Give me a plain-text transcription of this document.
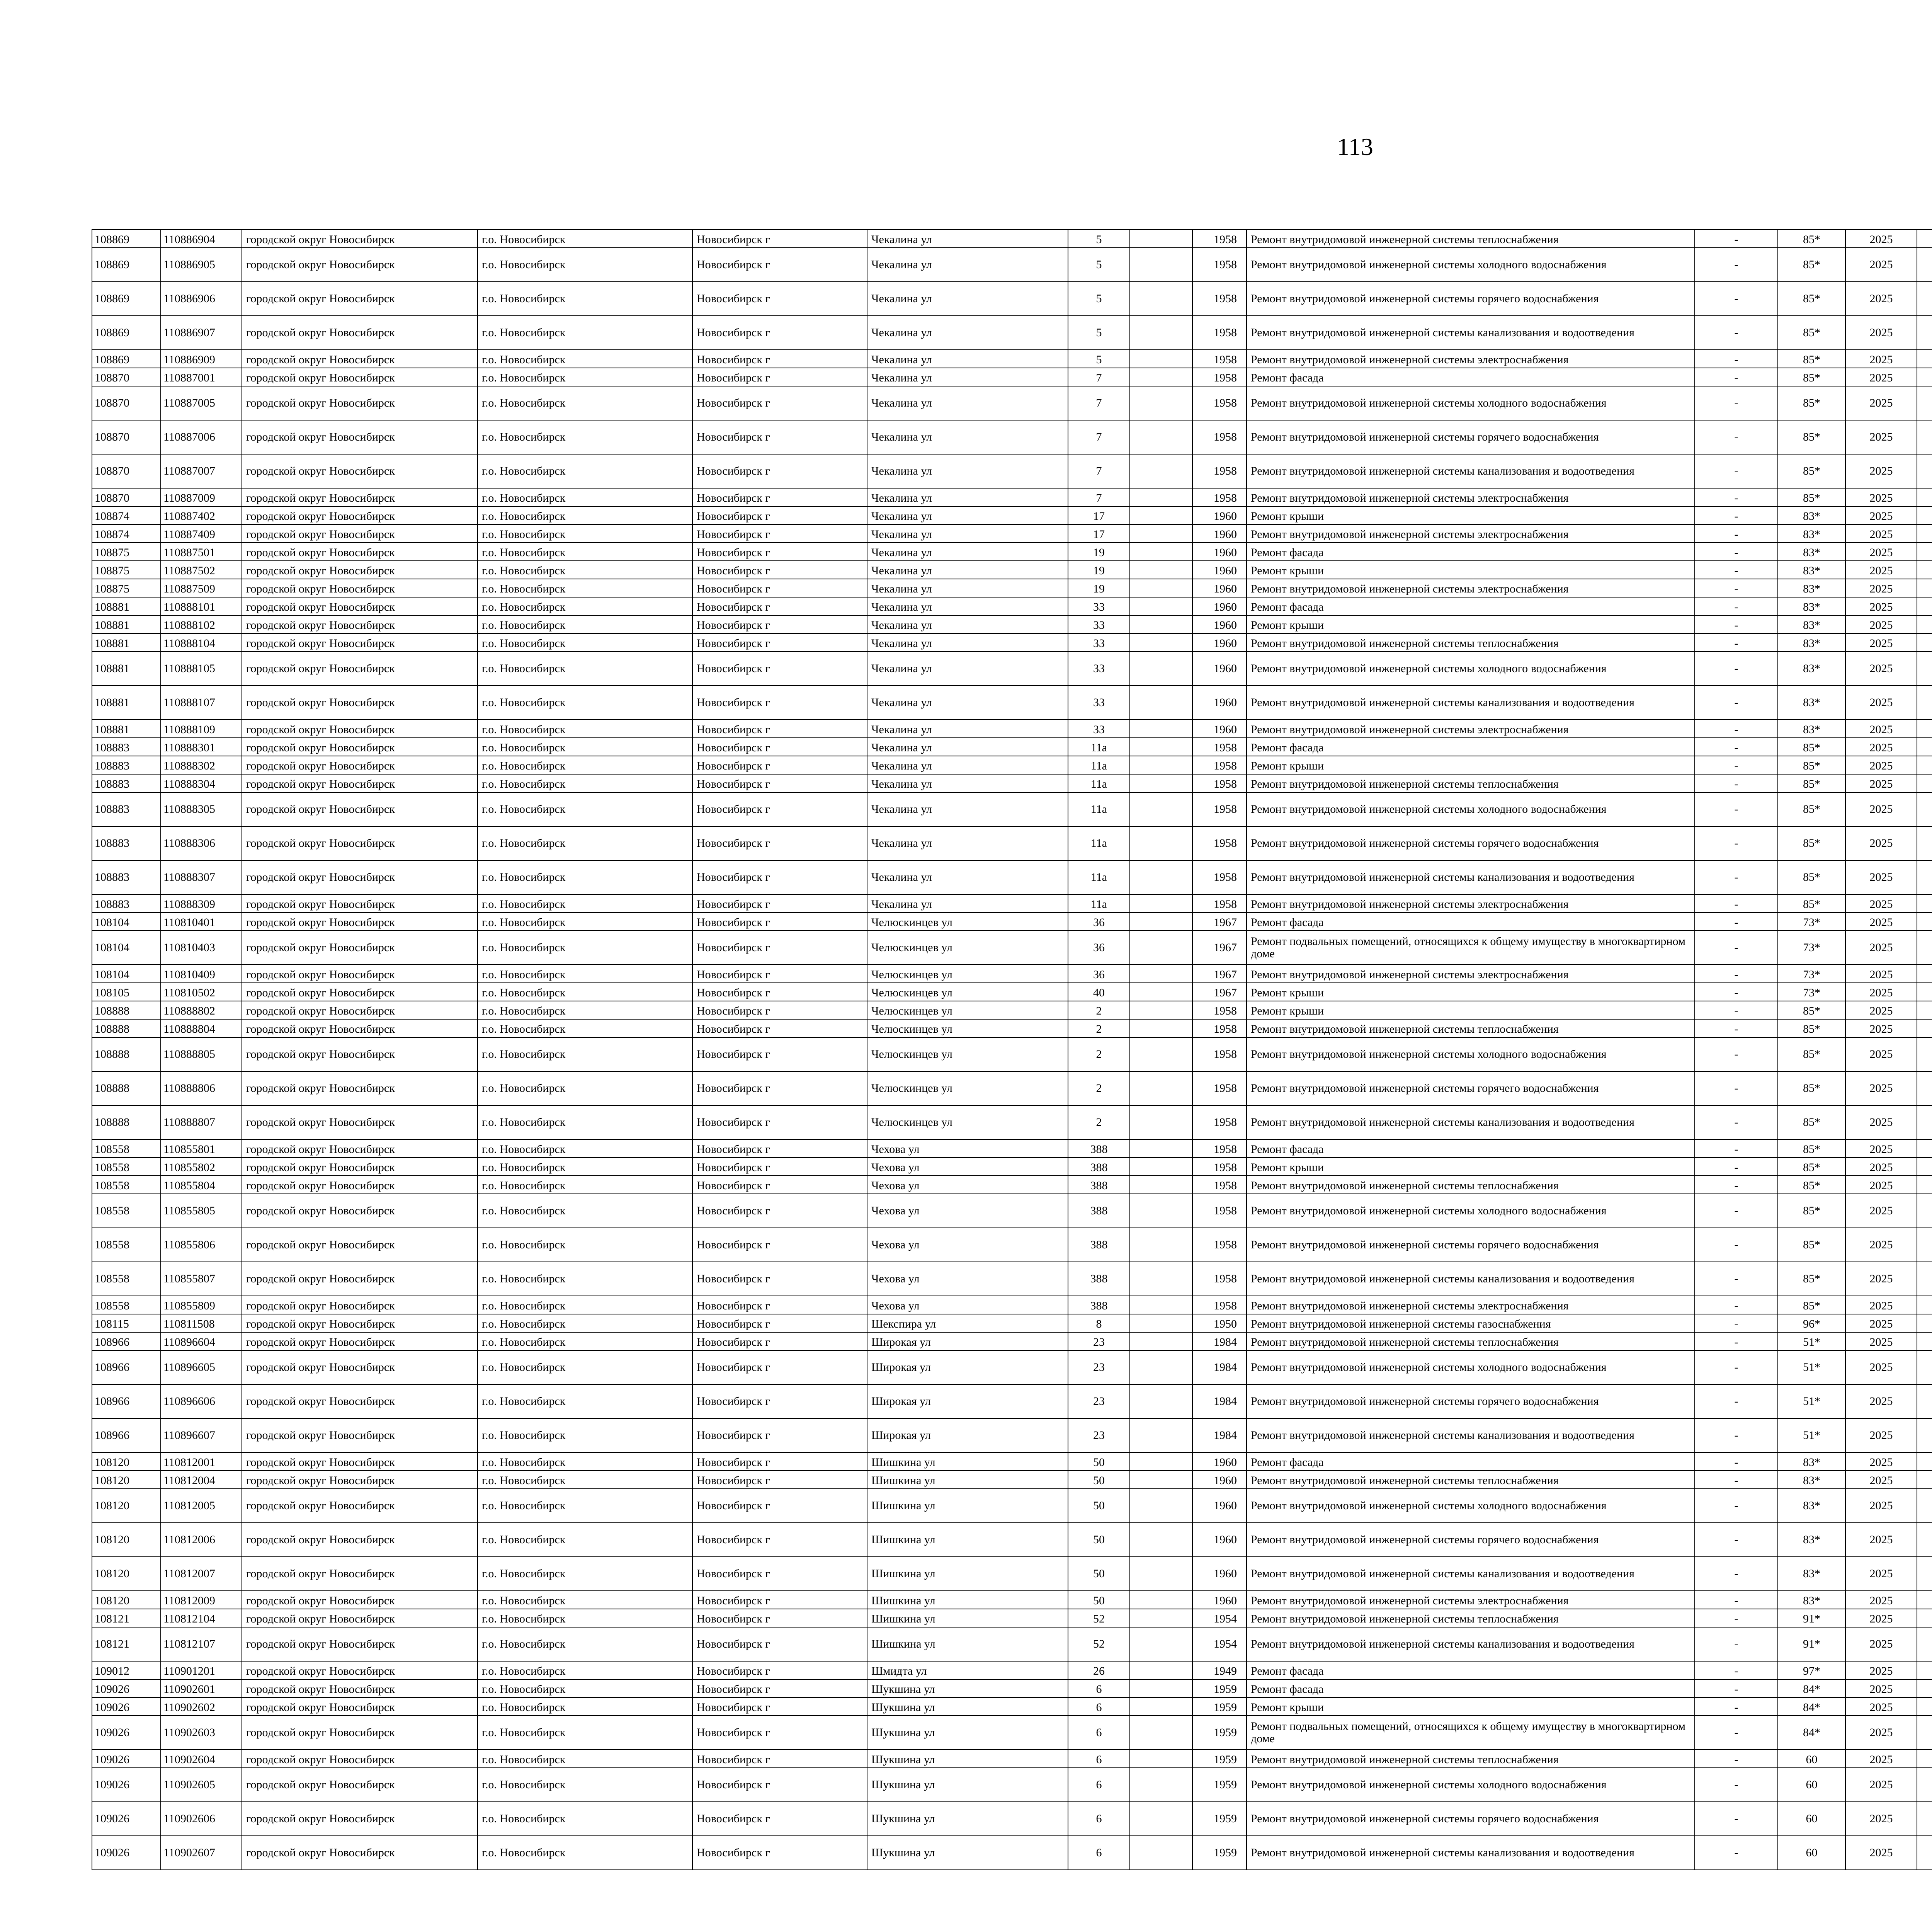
113
108869	110886904	городской округ Новосибирск	г.о. Новосибирск	Новосибирск г	Чекалина ул	5		1958	Ремонт внутридомовой инженерной системы теплоснабжения	-	85*	2025						
108869	110886905	городской округ Новосибирск	г.о. Новосибирск	Новосибирск г	Чекалина ул	5		1958	Ремонт внутридомовой инженерной системы холодного водоснабжения	-	85*	2025						
108869	110886906	городской округ Новосибирск	г.о. Новосибирск	Новосибирск г	Чекалина ул	5		1958	Ремонт внутридомовой инженерной системы горячего водоснабжения	-	85*	2025						
108869	110886907	городской округ Новосибирск	г.о. Новосибирск	Новосибирск г	Чекалина ул	5		1958	Ремонт внутридомовой инженерной системы канализования и водоотведения	-	85*	2025						
108869	110886909	городской округ Новосибирск	г.о. Новосибирск	Новосибирск г	Чекалина ул	5		1958	Ремонт внутридомовой инженерной системы электроснабжения	-	85*	2025						
108870	110887001	городской округ Новосибирск	г.о. Новосибирск	Новосибирск г	Чекалина ул	7		1958	Ремонт фасада	-	85*	2025						
108870	110887005	городской округ Новосибирск	г.о. Новосибирск	Новосибирск г	Чекалина ул	7		1958	Ремонт внутридомовой инженерной системы холодного водоснабжения	-	85*	2025						
108870	110887006	городской округ Новосибирск	г.о. Новосибирск	Новосибирск г	Чекалина ул	7		1958	Ремонт внутридомовой инженерной системы горячего водоснабжения	-	85*	2025						
108870	110887007	городской округ Новосибирск	г.о. Новосибирск	Новосибирск г	Чекалина ул	7		1958	Ремонт внутридомовой инженерной системы канализования и водоотведения	-	85*	2025						
108870	110887009	городской округ Новосибирск	г.о. Новосибирск	Новосибирск г	Чекалина ул	7		1958	Ремонт внутридомовой инженерной системы электроснабжения	-	85*	2025						
108874	110887402	городской округ Новосибирск	г.о. Новосибирск	Новосибирск г	Чекалина ул	17		1960	Ремонт крыши	-	83*	2025						
108874	110887409	городской округ Новосибирск	г.о. Новосибирск	Новосибирск г	Чекалина ул	17		1960	Ремонт внутридомовой инженерной системы электроснабжения	-	83*	2025						
108875	110887501	городской округ Новосибирск	г.о. Новосибирск	Новосибирск г	Чекалина ул	19		1960	Ремонт фасада	-	83*	2025						
108875	110887502	городской округ Новосибирск	г.о. Новосибирск	Новосибирск г	Чекалина ул	19		1960	Ремонт крыши	-	83*	2025						
108875	110887509	городской округ Новосибирск	г.о. Новосибирск	Новосибирск г	Чекалина ул	19		1960	Ремонт внутридомовой инженерной системы электроснабжения	-	83*	2025						
108881	110888101	городской округ Новосибирск	г.о. Новосибирск	Новосибирск г	Чекалина ул	33		1960	Ремонт фасада	-	83*	2025						
108881	110888102	городской округ Новосибирск	г.о. Новосибирск	Новосибирск г	Чекалина ул	33		1960	Ремонт крыши	-	83*	2025						
108881	110888104	городской округ Новосибирск	г.о. Новосибирск	Новосибирск г	Чекалина ул	33		1960	Ремонт внутридомовой инженерной системы теплоснабжения	-	83*	2025						
108881	110888105	городской округ Новосибирск	г.о. Новосибирск	Новосибирск г	Чекалина ул	33		1960	Ремонт внутридомовой инженерной системы холодного водоснабжения	-	83*	2025						
108881	110888107	городской округ Новосибирск	г.о. Новосибирск	Новосибирск г	Чекалина ул	33		1960	Ремонт внутридомовой инженерной системы канализования и водоотведения	-	83*	2025						
108881	110888109	городской округ Новосибирск	г.о. Новосибирск	Новосибирск г	Чекалина ул	33		1960	Ремонт внутридомовой инженерной системы электроснабжения	-	83*	2025						
108883	110888301	городской округ Новосибирск	г.о. Новосибирск	Новосибирск г	Чекалина ул	11а		1958	Ремонт фасада	-	85*	2025						
108883	110888302	городской округ Новосибирск	г.о. Новосибирск	Новосибирск г	Чекалина ул	11а		1958	Ремонт крыши	-	85*	2025						
108883	110888304	городской округ Новосибирск	г.о. Новосибирск	Новосибирск г	Чекалина ул	11а		1958	Ремонт внутридомовой инженерной системы теплоснабжения	-	85*	2025						
108883	110888305	городской округ Новосибирск	г.о. Новосибирск	Новосибирск г	Чекалина ул	11а		1958	Ремонт внутридомовой инженерной системы холодного водоснабжения	-	85*	2025						
108883	110888306	городской округ Новосибирск	г.о. Новосибирск	Новосибирск г	Чекалина ул	11а		1958	Ремонт внутридомовой инженерной системы горячего водоснабжения	-	85*	2025						
108883	110888307	городской округ Новосибирск	г.о. Новосибирск	Новосибирск г	Чекалина ул	11а		1958	Ремонт внутридомовой инженерной системы канализования и водоотведения	-	85*	2025						
108883	110888309	городской округ Новосибирск	г.о. Новосибирск	Новосибирск г	Чекалина ул	11а		1958	Ремонт внутридомовой инженерной системы электроснабжения	-	85*	2025						
108104	110810401	городской округ Новосибирск	г.о. Новосибирск	Новосибирск г	Челюскинцев ул	36		1967	Ремонт фасада	-	73*	2025						
108104	110810403	городской округ Новосибирск	г.о. Новосибирск	Новосибирск г	Челюскинцев ул	36		1967	Ремонт подвальных помещений, относящихся к общему имуществу в многоквартирном доме	-	73*	2025						
108104	110810409	городской округ Новосибирск	г.о. Новосибирск	Новосибирск г	Челюскинцев ул	36		1967	Ремонт внутридомовой инженерной системы электроснабжения	-	73*	2025						
108105	110810502	городской округ Новосибирск	г.о. Новосибирск	Новосибирск г	Челюскинцев ул	40		1967	Ремонт крыши	-	73*	2025						
108888	110888802	городской округ Новосибирск	г.о. Новосибирск	Новосибирск г	Челюскинцев ул	2		1958	Ремонт крыши	-	85*	2025						
108888	110888804	городской округ Новосибирск	г.о. Новосибирск	Новосибирск г	Челюскинцев ул	2		1958	Ремонт внутридомовой инженерной системы теплоснабжения	-	85*	2025						
108888	110888805	городской округ Новосибирск	г.о. Новосибирск	Новосибирск г	Челюскинцев ул	2		1958	Ремонт внутридомовой инженерной системы холодного водоснабжения	-	85*	2025						
108888	110888806	городской округ Новосибирск	г.о. Новосибирск	Новосибирск г	Челюскинцев ул	2		1958	Ремонт внутридомовой инженерной системы горячего водоснабжения	-	85*	2025						
108888	110888807	городской округ Новосибирск	г.о. Новосибирск	Новосибирск г	Челюскинцев ул	2		1958	Ремонт внутридомовой инженерной системы канализования и водоотведения	-	85*	2025						
108558	110855801	городской округ Новосибирск	г.о. Новосибирск	Новосибирск г	Чехова ул	388		1958	Ремонт фасада	-	85*	2025						
108558	110855802	городской округ Новосибирск	г.о. Новосибирск	Новосибирск г	Чехова ул	388		1958	Ремонт крыши	-	85*	2025						
108558	110855804	городской округ Новосибирск	г.о. Новосибирск	Новосибирск г	Чехова ул	388		1958	Ремонт внутридомовой инженерной системы теплоснабжения	-	85*	2025						
108558	110855805	городской округ Новосибирск	г.о. Новосибирск	Новосибирск г	Чехова ул	388		1958	Ремонт внутридомовой инженерной системы холодного водоснабжения	-	85*	2025						
108558	110855806	городской округ Новосибирск	г.о. Новосибирск	Новосибирск г	Чехова ул	388		1958	Ремонт внутридомовой инженерной системы горячего водоснабжения	-	85*	2025						
108558	110855807	городской округ Новосибирск	г.о. Новосибирск	Новосибирск г	Чехова ул	388		1958	Ремонт внутридомовой инженерной системы канализования и водоотведения	-	85*	2025						
108558	110855809	городской округ Новосибирск	г.о. Новосибирск	Новосибирск г	Чехова ул	388		1958	Ремонт внутридомовой инженерной системы электроснабжения	-	85*	2025						
108115	110811508	городской округ Новосибирск	г.о. Новосибирск	Новосибирск г	Шекспира ул	8		1950	Ремонт внутридомовой инженерной системы газоснабжения	-	96*	2025						
108966	110896604	городской округ Новосибирск	г.о. Новосибирск	Новосибирск г	Широкая ул	23		1984	Ремонт внутридомовой инженерной системы теплоснабжения	-	51*	2025						
108966	110896605	городской округ Новосибирск	г.о. Новосибирск	Новосибирск г	Широкая ул	23		1984	Ремонт внутридомовой инженерной системы холодного водоснабжения	-	51*	2025						
108966	110896606	городской округ Новосибирск	г.о. Новосибирск	Новосибирск г	Широкая ул	23		1984	Ремонт внутридомовой инженерной системы горячего водоснабжения	-	51*	2025						
108966	110896607	городской округ Новосибирск	г.о. Новосибирск	Новосибирск г	Широкая ул	23		1984	Ремонт внутридомовой инженерной системы канализования и водоотведения	-	51*	2025						
108120	110812001	городской округ Новосибирск	г.о. Новосибирск	Новосибирск г	Шишкина ул	50		1960	Ремонт фасада	-	83*	2025						
108120	110812004	городской округ Новосибирск	г.о. Новосибирск	Новосибирск г	Шишкина ул	50		1960	Ремонт внутридомовой инженерной системы теплоснабжения	-	83*	2025						
108120	110812005	городской округ Новосибирск	г.о. Новосибирск	Новосибирск г	Шишкина ул	50		1960	Ремонт внутридомовой инженерной системы холодного водоснабжения	-	83*	2025						
108120	110812006	городской округ Новосибирск	г.о. Новосибирск	Новосибирск г	Шишкина ул	50		1960	Ремонт внутридомовой инженерной системы горячего водоснабжения	-	83*	2025						
108120	110812007	городской округ Новосибирск	г.о. Новосибирск	Новосибирск г	Шишкина ул	50		1960	Ремонт внутридомовой инженерной системы канализования и водоотведения	-	83*	2025						
108120	110812009	городской округ Новосибирск	г.о. Новосибирск	Новосибирск г	Шишкина ул	50		1960	Ремонт внутридомовой инженерной системы электроснабжения	-	83*	2025						
108121	110812104	городской округ Новосибирск	г.о. Новосибирск	Новосибирск г	Шишкина ул	52		1954	Ремонт внутридомовой инженерной системы теплоснабжения	-	91*	2025						
108121	110812107	городской округ Новосибирск	г.о. Новосибирск	Новосибирск г	Шишкина ул	52		1954	Ремонт внутридомовой инженерной системы канализования и водоотведения	-	91*	2025						
109012	110901201	городской округ Новосибирск	г.о. Новосибирск	Новосибирск г	Шмидта ул	26		1949	Ремонт фасада	-	97*	2025						
109026	110902601	городской округ Новосибирск	г.о. Новосибирск	Новосибирск г	Шукшина ул	6		1959	Ремонт фасада	-	84*	2025						
109026	110902602	городской округ Новосибирск	г.о. Новосибирск	Новосибирск г	Шукшина ул	6		1959	Ремонт крыши	-	84*	2025						
109026	110902603	городской округ Новосибирск	г.о. Новосибирск	Новосибирск г	Шукшина ул	6		1959	Ремонт подвальных помещений, относящихся к общему имуществу в многоквартирном доме	-	84*	2025						
109026	110902604	городской округ Новосибирск	г.о. Новосибирск	Новосибирск г	Шукшина ул	6		1959	Ремонт внутридомовой инженерной системы теплоснабжения	-	60	2025						
109026	110902605	городской округ Новосибирск	г.о. Новосибирск	Новосибирск г	Шукшина ул	6		1959	Ремонт внутридомовой инженерной системы холодного водоснабжения	-	60	2025						
109026	110902606	городской округ Новосибирск	г.о. Новосибирск	Новосибирск г	Шукшина ул	6		1959	Ремонт внутридомовой инженерной системы горячего водоснабжения	-	60	2025						
109026	110902607	городской округ Новосибирск	г.о. Новосибирск	Новосибирск г	Шукшина ул	6		1959	Ремонт внутридомовой инженерной системы канализования и водоотведения	-	60	2025						
